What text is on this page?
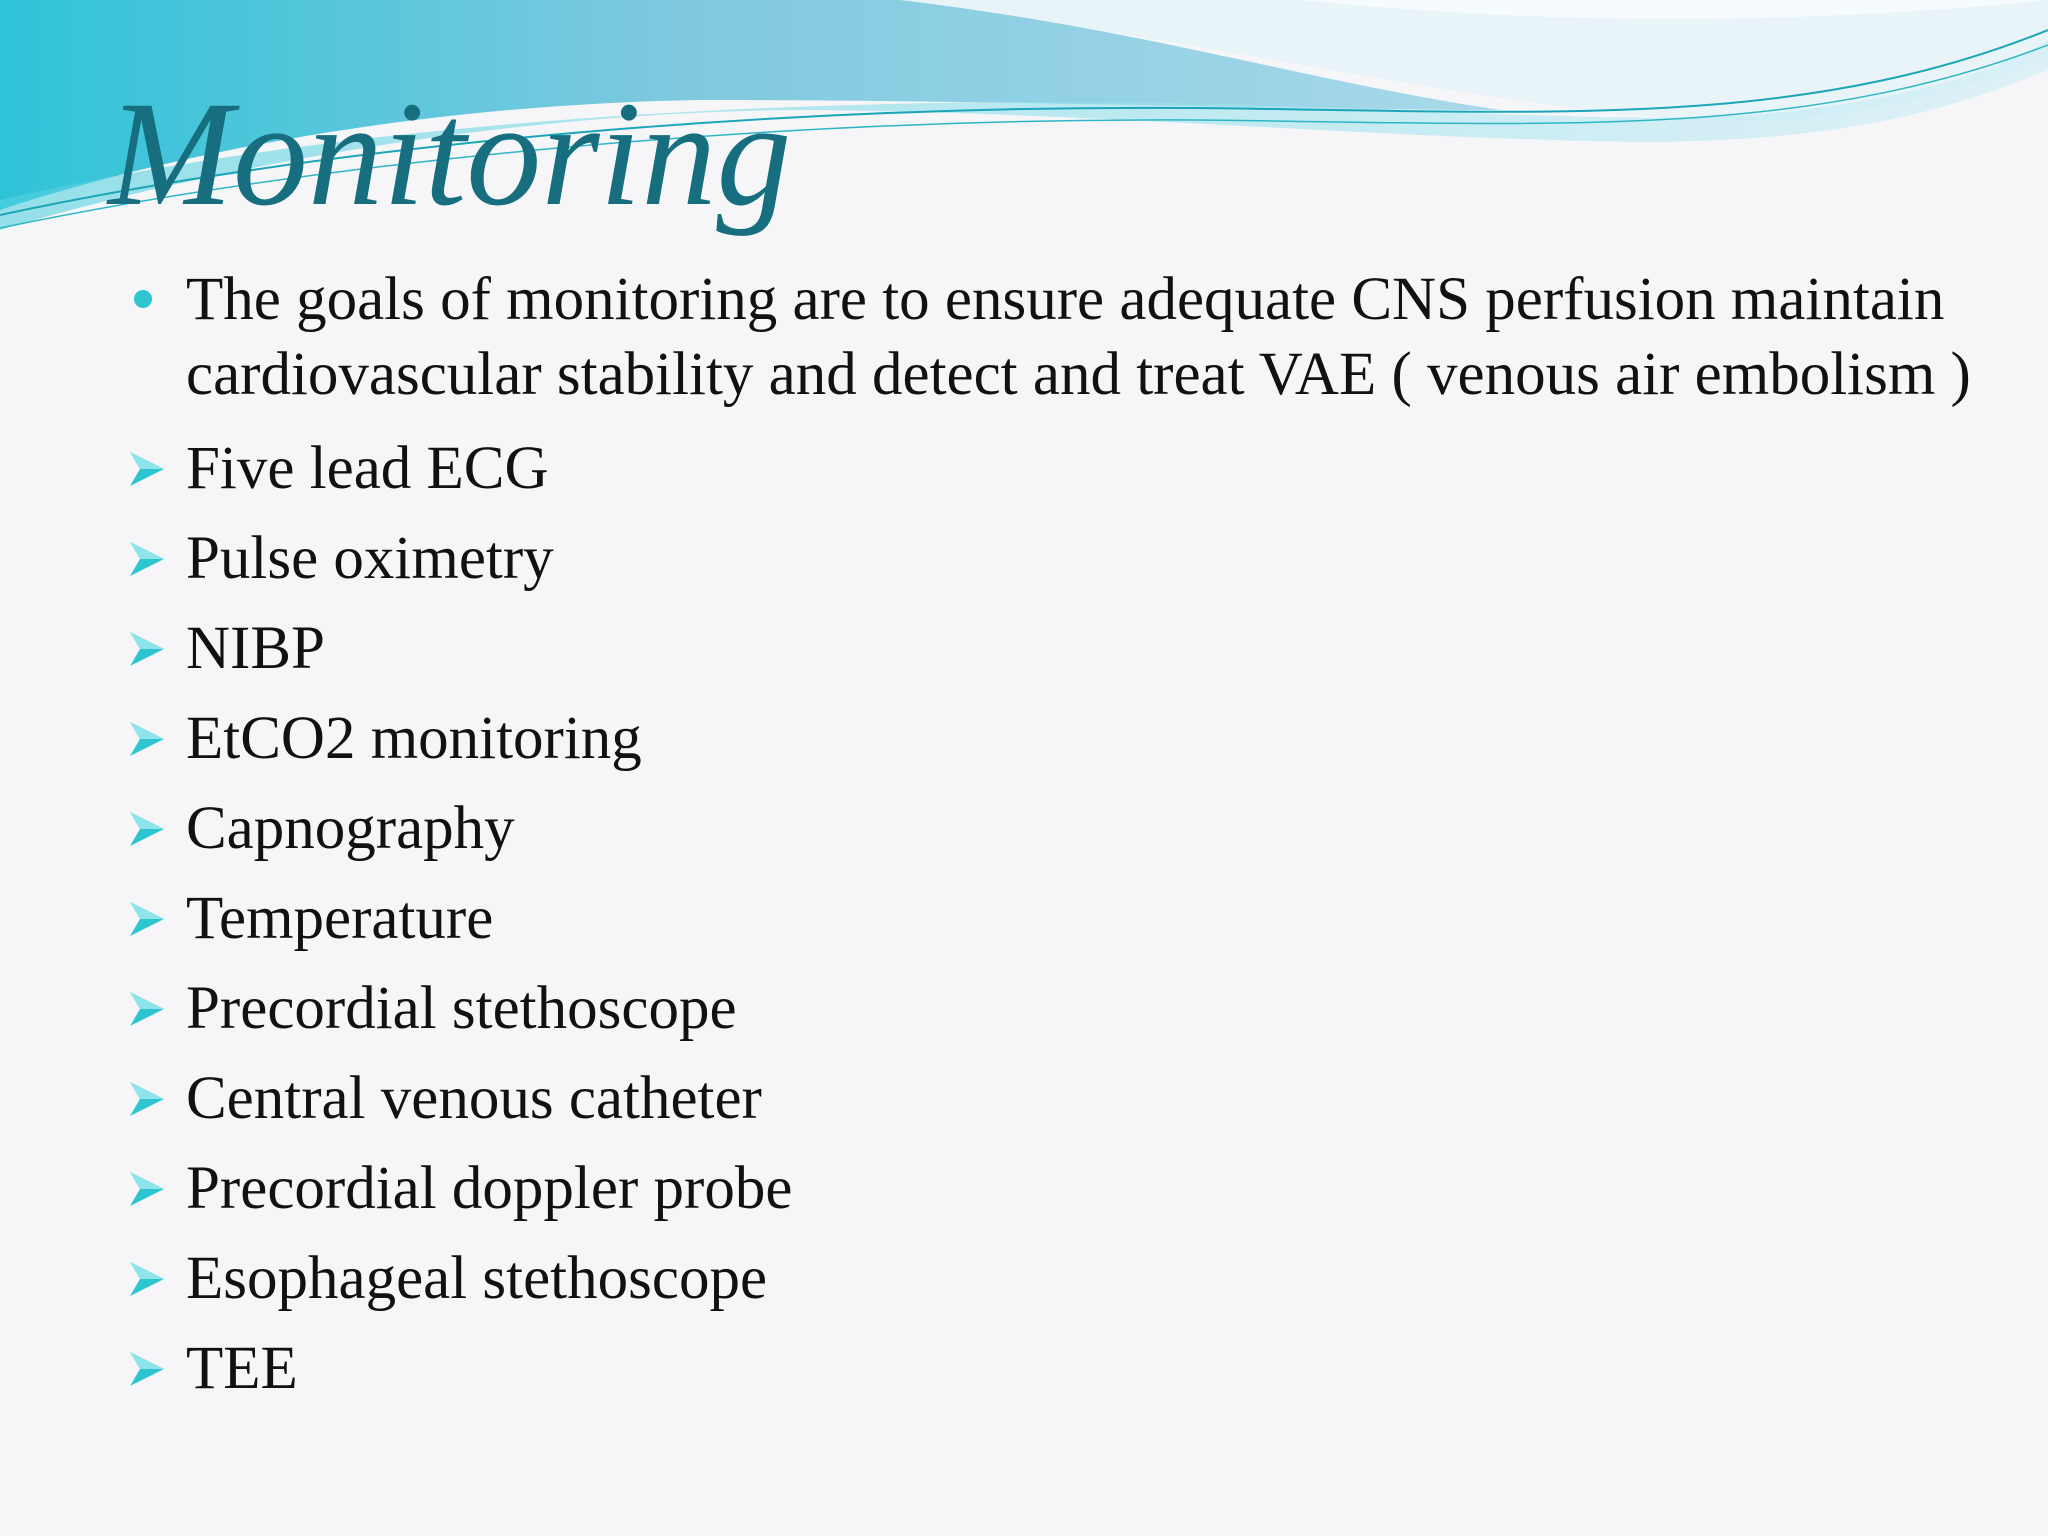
Monitoring

The goals of monitoring are to ensure adequate CNS perfusion maintain cardiovascular stability and detect and treat VAE ( venous air embolism )

Five lead ECG
Pulse oximetry
NIBP
EtCO2 monitoring
Capnography
Temperature
Precordial stethoscope
Central venous catheter
Precordial doppler probe
Esophageal stethoscope
TEE
